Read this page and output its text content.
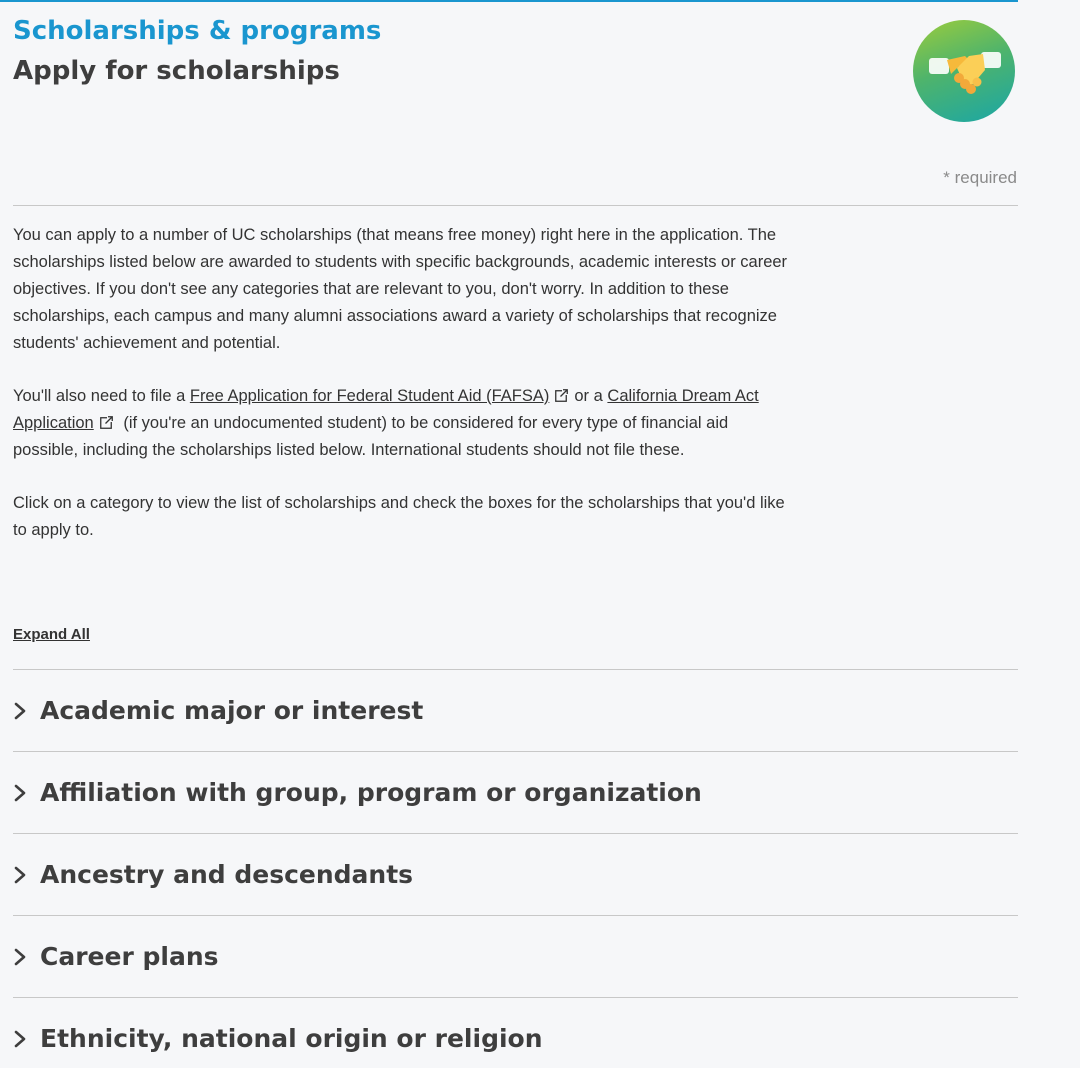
Scholarships & programs
Apply for scholarships
* required

You can apply to a number of UC scholarships (that means free money) right here in the application. The scholarships listed below are awarded to students with specific backgrounds, academic interests or career objectives. If you don't see any categories that are relevant to you, don't worry. In addition to these scholarships, each campus and many alumni associations award a variety of scholarships that recognize students' achievement and potential.

You'll also need to file a Free Application for Federal Student Aid (FAFSA) or a California Dream Act Application (if you're an undocumented student) to be considered for every type of financial aid possible, including the scholarships listed below. International students should not file these.

Click on a category to view the list of scholarships and check the boxes for the scholarships that you'd like to apply to.

Expand All
Academic major or interest
Affiliation with group, program or organization
Ancestry and descendants
Career plans
Ethnicity, national origin or religion
